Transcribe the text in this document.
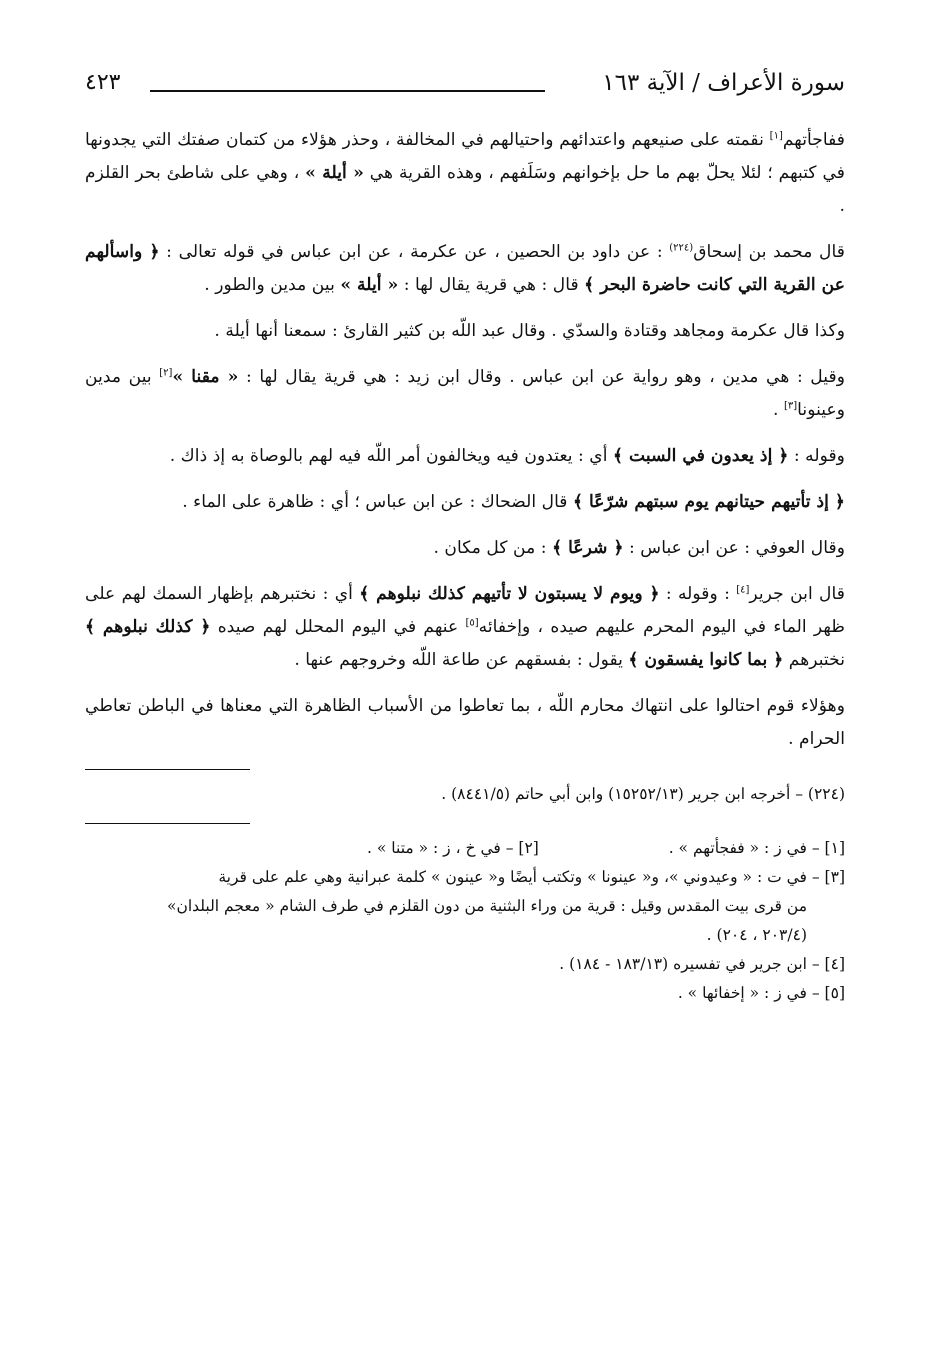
سورة الأعراف / الآية ١٦٣
٤٢٣

ففاجأتهم[١] نقمته على صنيعهم واعتدائهم واحتيالهم في المخالفة ، وحذر هؤلاء من كتمان صفتك التي يجدونها في كتبهم ؛ لئلا يحلّ بهم ما حل بإخوانهم وسَلَفهم ، وهذه القرية هي « أيلة » ، وهي على شاطئ بحر القلزم .

قال محمد بن إسحاق$^{(٢٢٤)}$ : عن داود بن الحصين ، عن عكرمة ، عن ابن عباس في قوله تعالى : ﴿ واسألهم عن القرية التي كانت حاضرة البحر ﴾ قال : هي قرية يقال لها : « أيلة » بين مدين والطور .

وكذا قال عكرمة ومجاهد وقتادة والسدّي . وقال عبد اللّه بن كثير القارئ : سمعنا أنها أيلة .

وقيل : هي مدين ، وهو رواية عن ابن عباس . وقال ابن زيد : هي قرية يقال لها : « مقنا »[٢] بين مدين وعينونا[٣] .

وقوله : ﴿ إذ يعدون في السبت ﴾ أي : يعتدون فيه ويخالفون أمر اللّه فيه لهم بالوصاة به إذ ذاك .

﴿ إذ تأتيهم حيتانهم يوم سبتهم شرّعًا ﴾ قال الضحاك : عن ابن عباس ؛ أي : ظاهرة على الماء .

وقال العوفي : عن ابن عباس : ﴿ شرعًا ﴾ : من كل مكان .

قال ابن جرير[٤] : وقوله : ﴿ ويوم لا يسبتون لا تأتيهم كذلك نبلوهم ﴾ أي : نختبرهم بإظهار السمك لهم على ظهر الماء في اليوم المحرم عليهم صيده ، وإخفائه[٥] عنهم في اليوم المحلل لهم صيده ﴿ كذلك نبلوهم ﴾ نختبرهم ﴿ بما كانوا يفسقون ﴾ يقول : بفسقهم عن طاعة اللّه وخروجهم عنها .

وهؤلاء قوم احتالوا على انتهاك محارم اللّه ، بما تعاطوا من الأسباب الظاهرة التي معناها في الباطن تعاطي الحرام .

(٢٢٤) – أخرجه ابن جرير (١٥٢٥٢/١٣) وابن أبي حاتم (٨٤٤١/٥) .

[١] – في ز : « ففجأتهم » .  [٢] – في خ ، ز : « متنا » .

[٣] – في ت : « وعيدوني »، و« عينونا » وتكتب أيضًا و« عينون » كلمة عبرانية وهي علم على قرية

من قرى بيت المقدس وقيل : قرية من وراء البثنية من دون القلزم في طرف الشام « معجم البلدان»

(٢٠٣/٤ ، ٢٠٤) .

[٤] – ابن جرير في تفسيره (١٨٣/١٣ - ١٨٤) .

[٥] – في ز : « إخفائها » .
